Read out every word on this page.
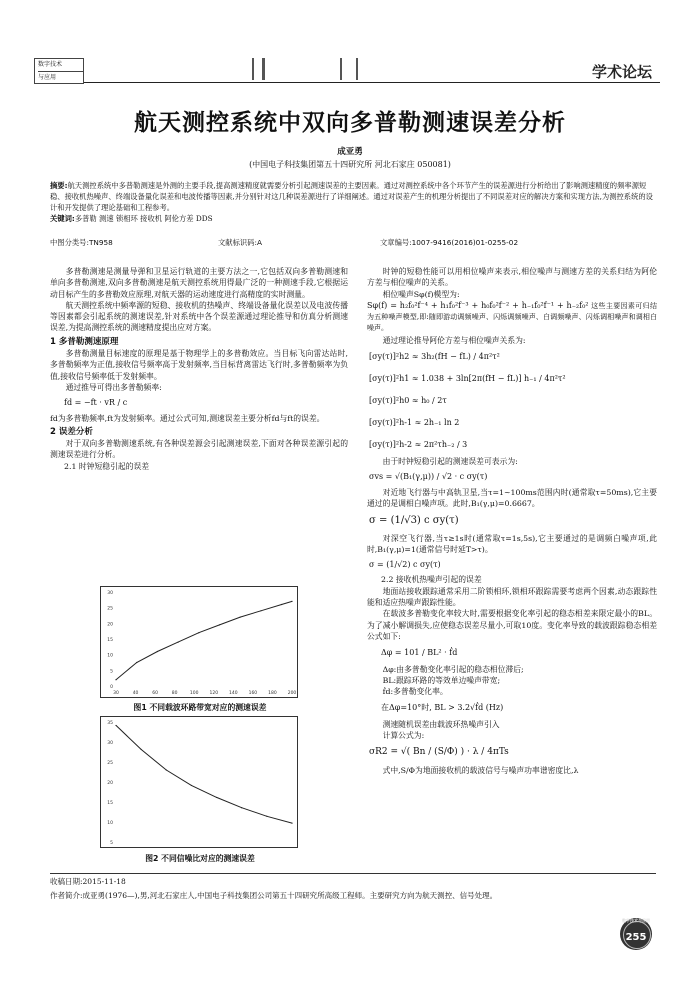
数字技术
与应用	学术论坛
航天测控系统中双向多普勒测速误差分析
成亚勇
(中国电子科技集团第五十四研究所 河北石家庄 050081)
摘要:航天测控系统中多普勒测速是外测的主要手段,提高测速精度就需要分析引起测速误差的主要因素。通过对测控系统中各个环节产生的误差源进行分析给出了影响测速精度的频率源短稳、接收机热噪声、终端设备量化误差和电波传播等因素,并分别针对这几种误差源进行了详细阐述。通过对误差产生的机理分析提出了不同误差对应的解决方案和实现方法,为测控系统的设计和开发提供了理论基础和工程参考。
关键词:多普勒 测速 锁相环 接收机 阿伦方差 DDS
中图分类号:TN958	文献标识码:A	文章编号:1007-9416(2016)01-0255-02

多普勒测速是测量导弹和卫星运行轨道的主要方法之一,它包括双向多普勒测速和单向多普勒测速,双向多普勒测速是航天测控系统用得最广泛的一种测速手段,它根据运动目标产生的多普勒效应原理,对航天器的运动速度进行高精度的实时测量。

航天测控系统中频率源的短稳、接收机的热噪声、终端设备量化误差以及电波传播等因素都会引起系统的测速误差,针对系统中各个误差源通过理论推导和仿真分析测速误差,为提高测控系统的测速精度提出应对方案。

1 多普勒测速原理

多普勒测量目标速度的原理是基于物理学上的多普勒效应。当目标飞向雷达站时,多普勒频率为正值,接收信号频率高于发射频率,当目标背离雷达飞行时,多普勒频率为负值,接收信号频率低于发射频率。

通过推导可得出多普勒频率:

fd = −ft · vR / c

fd为多普勒频率,ft为发射频率。通过公式可知,测速误差主要分析fd与ft的误差。

2 误差分析

对于双向多普勒测速系统,有各种误差源会引起测速误差,下面对各种误差源引起的测速误差进行分析。

2.1 时钟短稳引起的误差
30	40	60	80	100 120 140 160 180 200
0
5
10
15
20
25
30
图1 不同载波环路带宽对应的测速误差
35
30
25
20
15
10
5
图2 不同信噪比对应的测速误差

时钟的短稳性能可以用相位噪声来表示,相位噪声与测速方差的关系归结为阿伦方差与相位噪声的关系。

相位噪声Sφ(f)模型为:

Sφ(f) = h₂f₀²f⁻⁴ + h₁f₀²f⁻³ + h₀f₀²f⁻² + h₋₁f₀²f⁻¹ + h₋₂f₀² 这些主要因素可归结为五种噪声模型,即:随即游动调频噪声、闪烁调频噪声、白调频噪声、闪烁调相噪声和调相白噪声。

通过理论推导阿伦方差与相位噪声关系为:

[σy(τ)]²h2 ≈ 3h₂(fH − fL) / 4π²τ²
[σy(τ)]²h1 ≈ 1.038 + 3ln[2π(fH − fL)] h₋₁ / 4π²τ²
[σy(τ)]²h0 ≈ h₀ / 2τ
[σy(τ)]²h-1 ≈ 2h₋₁ ln 2
[σy(τ)]²h-2 ≈ 2π²τh₋₂ / 3

由于时钟短稳引起的测速误差可表示为:

σvs = √(B₁(γ,μ)) / √2 · c σy(τ)

对近地飞行器与中高轨卫星,当τ=1~100ms范围内时(通常取τ=50ms),它主要通过的是调相白噪声项。此时,B₁(γ,μ)=0.6667。

σ = (1/√3) c σy(τ)

对深空飞行器,当τ≥1s时(通常取τ=1s,5s),它主要通过的是调频白噪声项,此时,B₁(γ,μ)=1(通常信号时延T>τ)。

σ = (1/√2) c σy(τ)
2.2 接收机热噪声引起的误差

地面站接收跟踪通常采用二阶锁相环,锁相环跟踪需要考虑两个因素,动态跟踪性能和适应热噪声跟踪性能。

在载波多普勒变化率较大时,需要根据变化率引起的稳态相差来限定最小的BL。为了减小解调损失,应使稳态误差尽量小,可取10度。变化率导致的载波跟踪稳态相差公式如下:

Δφ = 101 / BL² · ḟd

Δφ:由多普勒变化率引起的稳态相位滞后;

BL:跟踪环路的等效单边噪声带宽;

ḟd:多普勒变化率。

在Δφ=10°时, BL > 3.2√ḟd (Hz)

测速随机误差由载波环热噪声引入

计算公式为:

σR2 = √( Bn / (S/Φ) ) · λ / 4πTs

式中,S/Φ为地面接收机的载波信号与噪声功率谱密度比,λ

收稿日期:2015-11-18
作者简介:成亚勇(1976—),男,河北石家庄人,中国电子科技集团公司第五十四研究所高级工程师。主要研究方向为航天测控、信号处理。
数字技术与应用
255
